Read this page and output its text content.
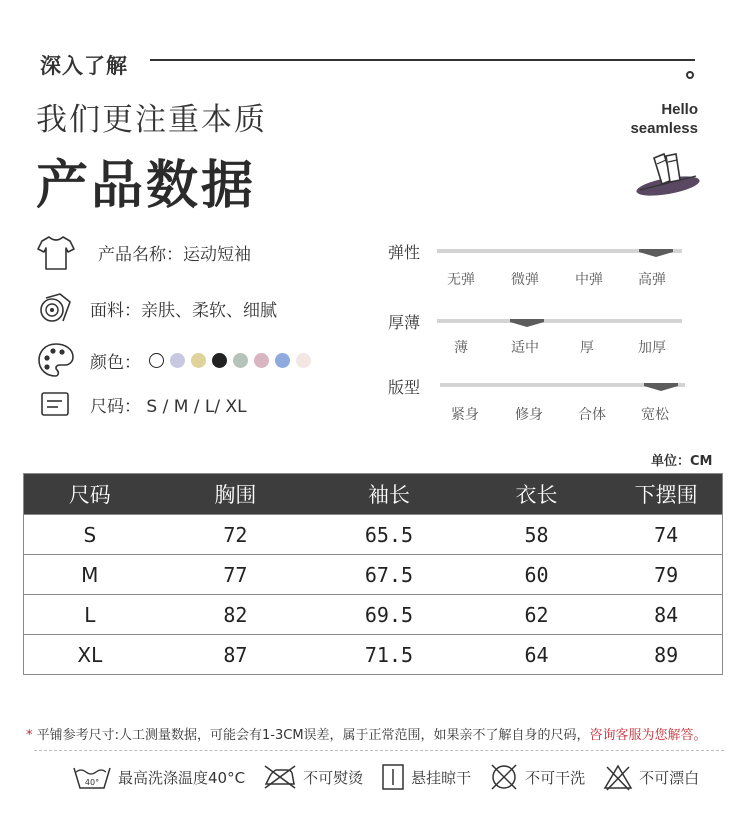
深入了解
我们更注重本质
产品数据
Hello
seamless
产品名称：运动短袖
面料：亲肤、柔软、细腻
颜色：
尺码： S / M / L/ XL
弹性
无弹	微弹	中弹	高弹
厚薄
薄	适中	厚	加厚
版型
紧身	修身	合体	宽松
单位：CM
尺码	胸围	袖长	衣长	下摆围
S	72	65.5	58	74
M	77	67.5	60	79
L	82	69.5	62	84
XL	87	71.5	64	89
* 平铺参考尺寸:人工测量数据，可能会有1-3CM误差，属于正常范围，如果亲不了解自身的尺码，咨询客服为您解答。
40° 最高洗涤温度40°C	不可熨烫	悬挂晾干	不可干洗	不可漂白
